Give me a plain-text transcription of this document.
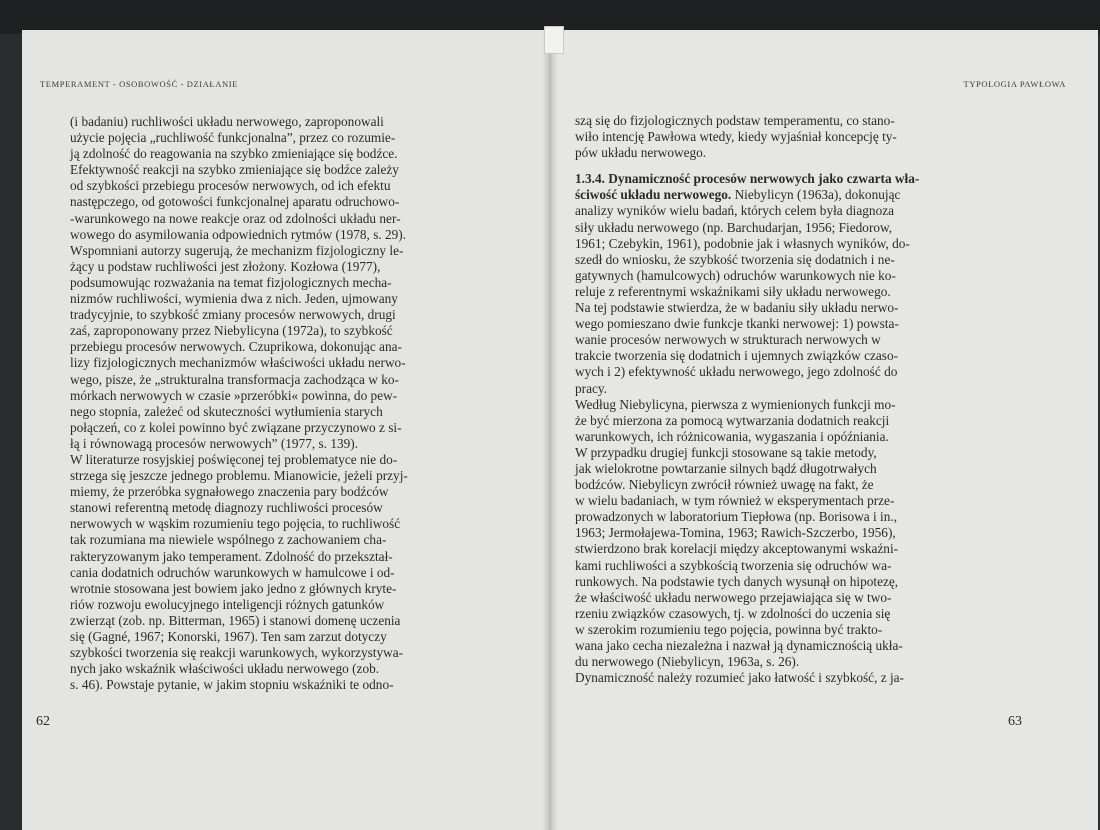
TEMPERAMENT - OSOBOWOŚĆ - DZIAŁANIE	TYPOLOGIA PAWŁOWA
(i badaniu) ruchliwości układu nerwowego, zaproponowali
użycie pojęcia „ruchliwość funkcjonalna”, przez co rozumie-
ją zdolność do reagowania na szybko zmieniające się bodźce.
Efektywność reakcji na szybko zmieniające się bodźce zależy
od szybkości przebiegu procesów nerwowych, od ich efektu
następczego, od gotowości funkcjonalnej aparatu odruchowo-
-warunkowego na nowe reakcje oraz od zdolności układu ner-
wowego do asymilowania odpowiednich rytmów (1978, s. 29).
Wspomniani autorzy sugerują, że mechanizm fizjologiczny le-
żący u podstaw ruchliwości jest złożony. Kozłowa (1977),
podsumowując rozważania na temat fizjologicznych mecha-
nizmów ruchliwości, wymienia dwa z nich. Jeden, ujmowany
tradycyjnie, to szybkość zmiany procesów nerwowych, drugi
zaś, zaproponowany przez Niebylicyna (1972a), to szybkość
przebiegu procesów nerwowych. Czuprikowa, dokonując ana-
lizy fizjologicznych mechanizmów właściwości układu nerwo-
wego, pisze, że „strukturalna transformacja zachodząca w ko-
mórkach nerwowych w czasie »przeróbki« powinna, do pew-
nego stopnia, zależeć od skuteczności wytłumienia starych
połączeń, co z kolei powinno być związane przyczynowo z si-
łą i równowagą procesów nerwowych” (1977, s. 139).
W literaturze rosyjskiej poświęconej tej problematyce nie do-
strzega się jeszcze jednego problemu. Mianowicie, jeżeli przyj-
miemy, że przeróbka sygnałowego znaczenia pary bodźców
stanowi referentną metodę diagnozy ruchliwości procesów
nerwowych w wąskim rozumieniu tego pojęcia, to ruchliwość
tak rozumiana ma niewiele wspólnego z zachowaniem cha-
rakteryzowanym jako temperament. Zdolność do przekształ-
cania dodatnich odruchów warunkowych w hamulcowe i od-
wrotnie stosowana jest bowiem jako jedno z głównych kryte-
riów rozwoju ewolucyjnego inteligencji różnych gatunków
zwierząt (zob. np. Bitterman, 1965) i stanowi domenę uczenia
się (Gagné, 1967; Konorski, 1967). Ten sam zarzut dotyczy
szybkości tworzenia się reakcji warunkowych, wykorzystywa-
nych jako wskaźnik właściwości układu nerwowego (zob.
s. 46). Powstaje pytanie, w jakim stopniu wskaźniki te odno-
szą się do fizjologicznych podstaw temperamentu, co stano-
wiło intencję Pawłowa wtedy, kiedy wyjaśniał koncepcję ty-
pów układu nerwowego.
1.3.4. Dynamiczność procesów nerwowych jako czwarta wła-
ściwość układu nerwowego. Niebylicyn (1963a), dokonując
analizy wyników wielu badań, których celem była diagnoza
siły układu nerwowego (np. Barchudarjan, 1956; Fiedorow,
1961; Czebykin, 1961), podobnie jak i własnych wyników, do-
szedł do wniosku, że szybkość tworzenia się dodatnich i ne-
gatywnych (hamulcowych) odruchów warunkowych nie ko-
reluje z referentnymi wskaźnikami siły układu nerwowego.
Na tej podstawie stwierdza, że w badaniu siły układu nerwo-
wego pomieszano dwie funkcje tkanki nerwowej: 1) powsta-
wanie procesów nerwowych w strukturach nerwowych w
trakcie tworzenia się dodatnich i ujemnych związków czaso-
wych i 2) efektywność układu nerwowego, jego zdolność do
pracy.
Według Niebylicyna, pierwsza z wymienionych funkcji mo-
że być mierzona za pomocą wytwarzania dodatnich reakcji
warunkowych, ich różnicowania, wygaszania i opóźniania.
W przypadku drugiej funkcji stosowane są takie metody,
jak wielokrotne powtarzanie silnych bądź długotrwałych
bodźców. Niebylicyn zwrócił również uwagę na fakt, że
w wielu badaniach, w tym również w eksperymentach prze-
prowadzonych w laboratorium Tiepłowa (np. Borisowa i in.,
1963; Jermołajewa-Tomina, 1963; Rawich-Szczerbo, 1956),
stwierdzono brak korelacji między akceptowanymi wskaźni-
kami ruchliwości a szybkością tworzenia się odruchów wa-
runkowych. Na podstawie tych danych wysunął on hipotezę,
że właściwość układu nerwowego przejawiająca się w two-
rzeniu związków czasowych, tj. w zdolności do uczenia się
w szerokim rozumieniu tego pojęcia, powinna być trakto-
wana jako cecha niezależna i nazwał ją dynamicznością ukła-
du nerwowego (Niebylicyn, 1963a, s. 26).
Dynamiczność należy rozumieć jako łatwość i szybkość, z ja-
62	63
